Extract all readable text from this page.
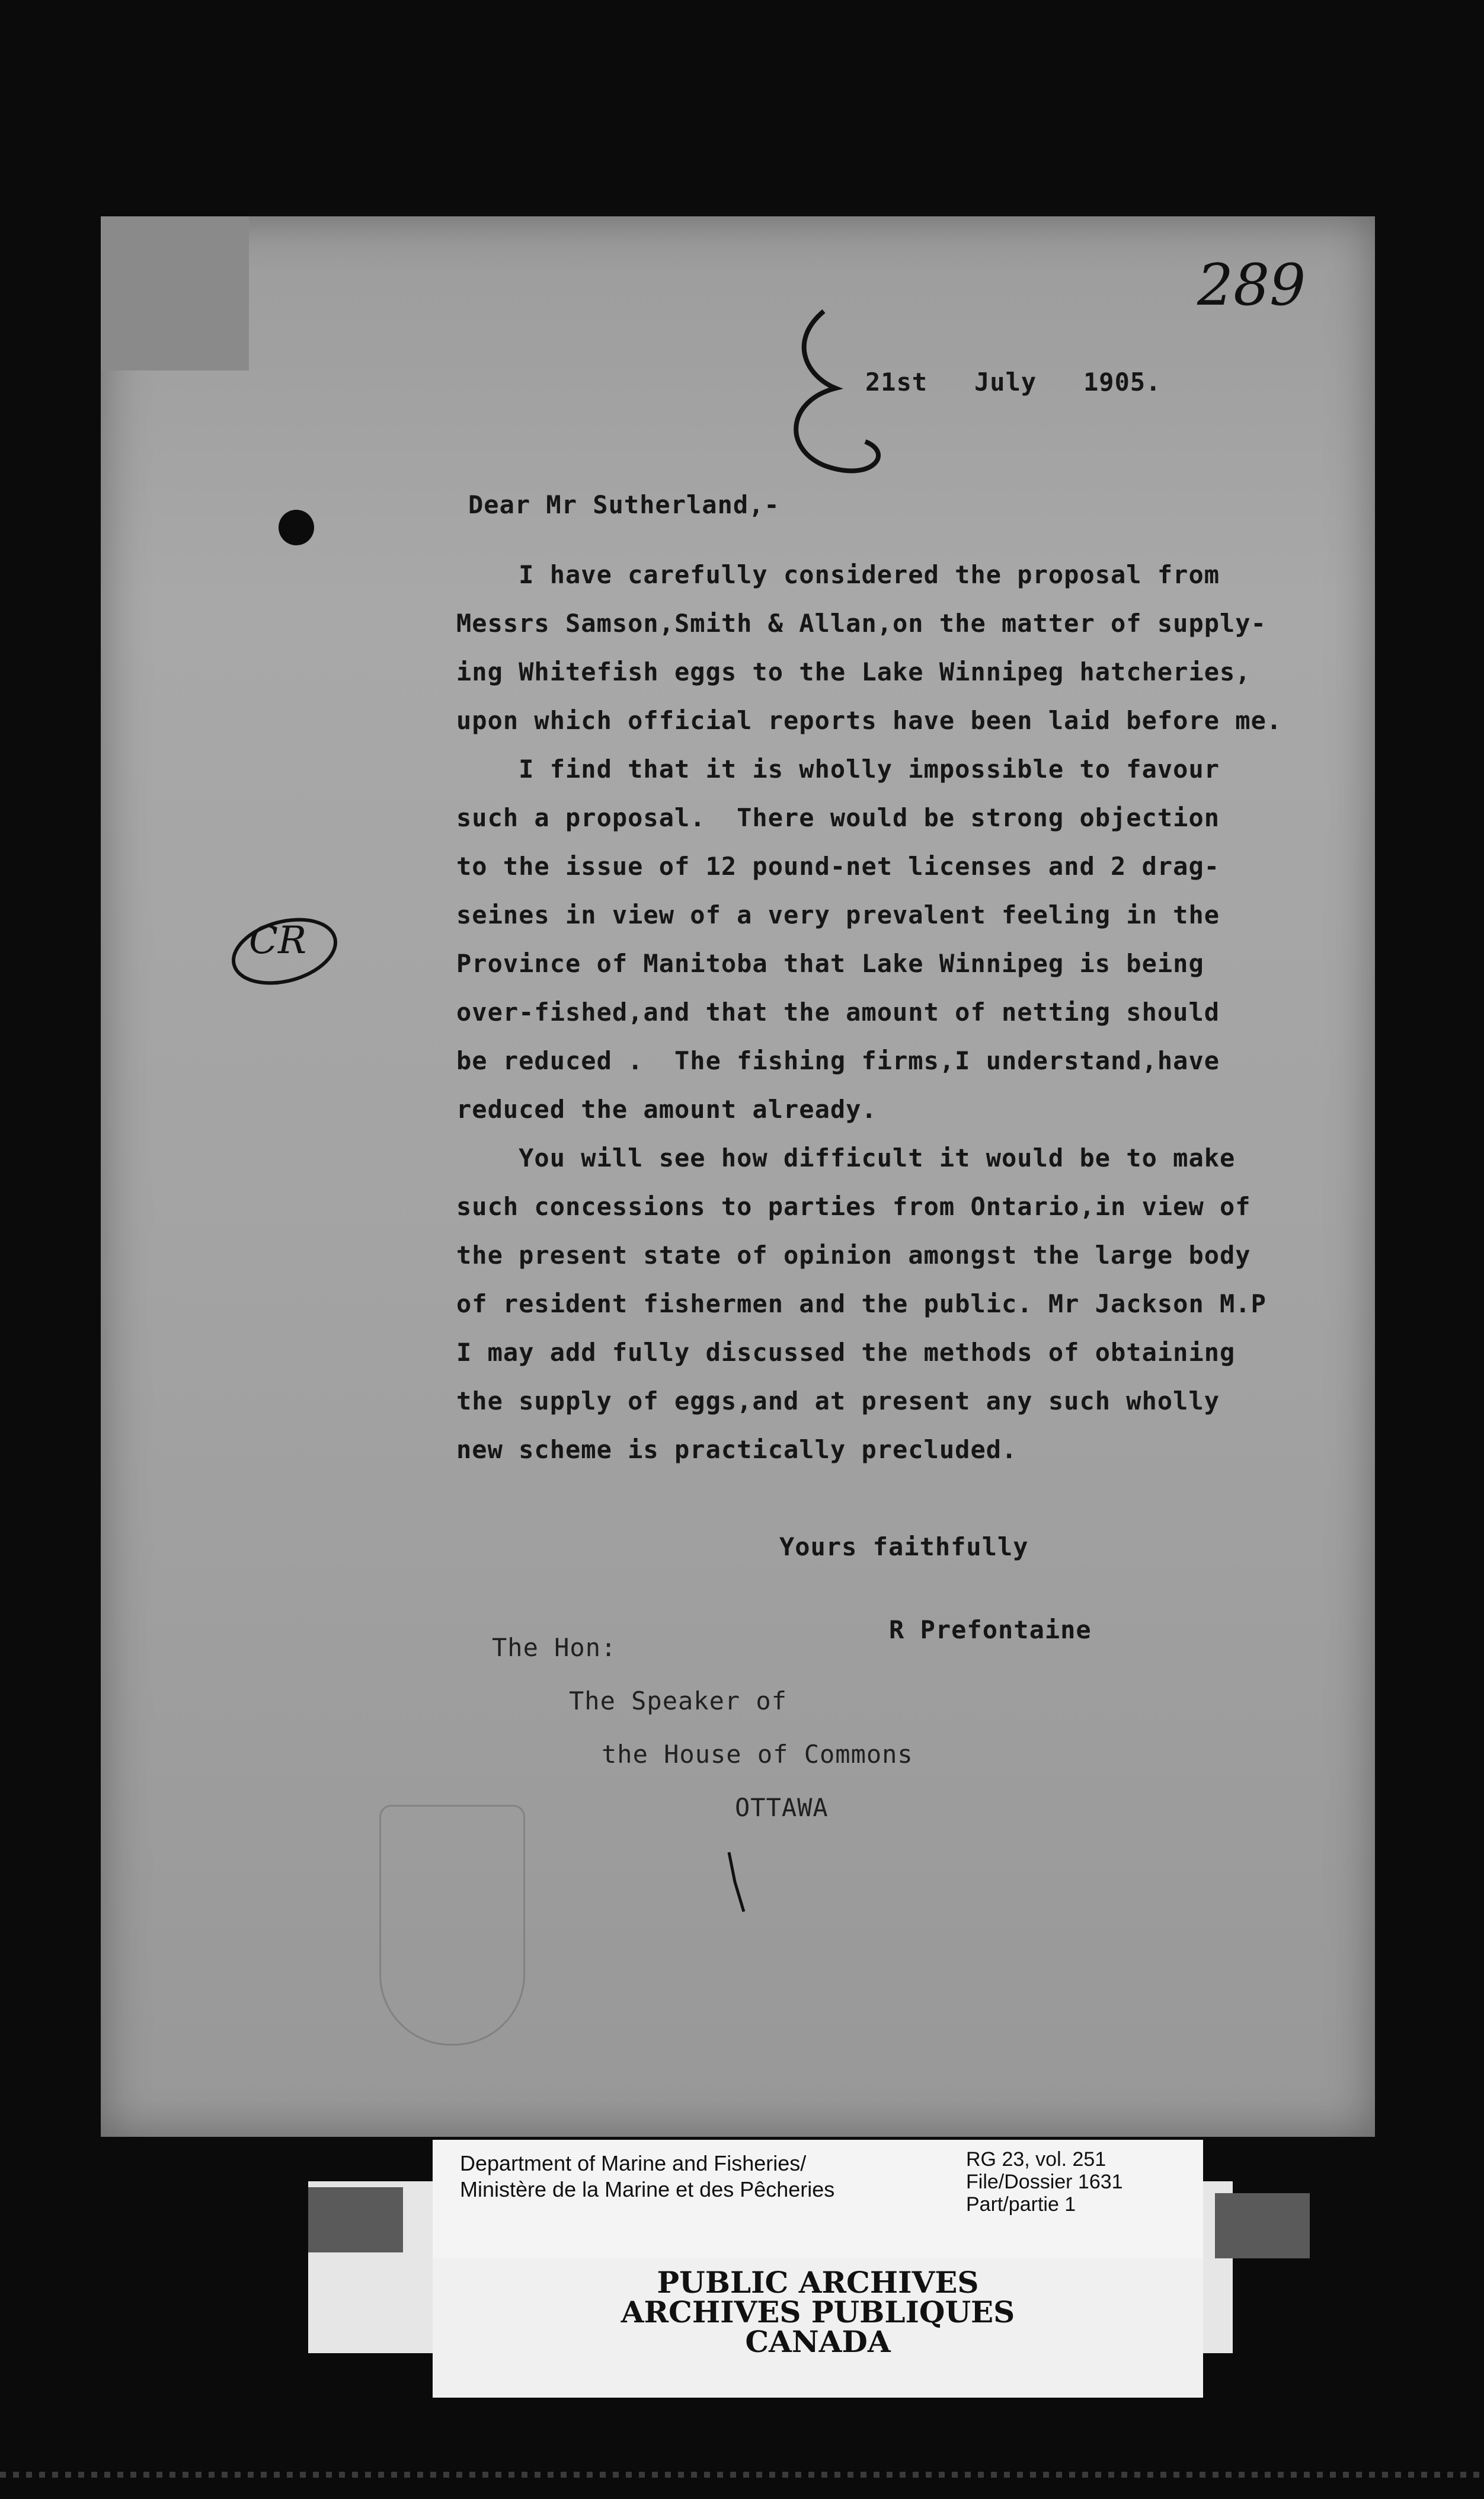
289
21st   July   1905.
Dear Mr Sutherland,-
I have carefully considered the proposal from
Messrs Samson,Smith & Allan,on the matter of supply-
ing Whitefish eggs to the Lake Winnipeg hatcheries,
upon which official reports have been laid before me.
I find that it is wholly impossible to favour
such a proposal.  There would be strong objection
to the issue of 12 pound-net licenses and 2 drag-
seines in view of a very prevalent feeling in the
Province of Manitoba that Lake Winnipeg is being
over-fished,and that the amount of netting should
be reduced .  The fishing firms,I understand,have
reduced the amount already.
You will see how difficult it would be to make
such concessions to parties from Ontario,in view of
the present state of opinion amongst the large body
of resident fishermen and the public. Mr Jackson M.P
I may add fully discussed the methods of obtaining
the supply of eggs,and at present any such wholly
new scheme is practically precluded.
CR
Yours faithfully
R Prefontaine
The Hon:
The Speaker of
the House of Commons
OTTAWA
Department of Marine and Fisheries/
Ministère de la Marine et des Pêcheries
RG 23, vol. 251
File/Dossier 1631
Part/partie 1
PUBLIC ARCHIVES
ARCHIVES PUBLIQUES
CANADA
